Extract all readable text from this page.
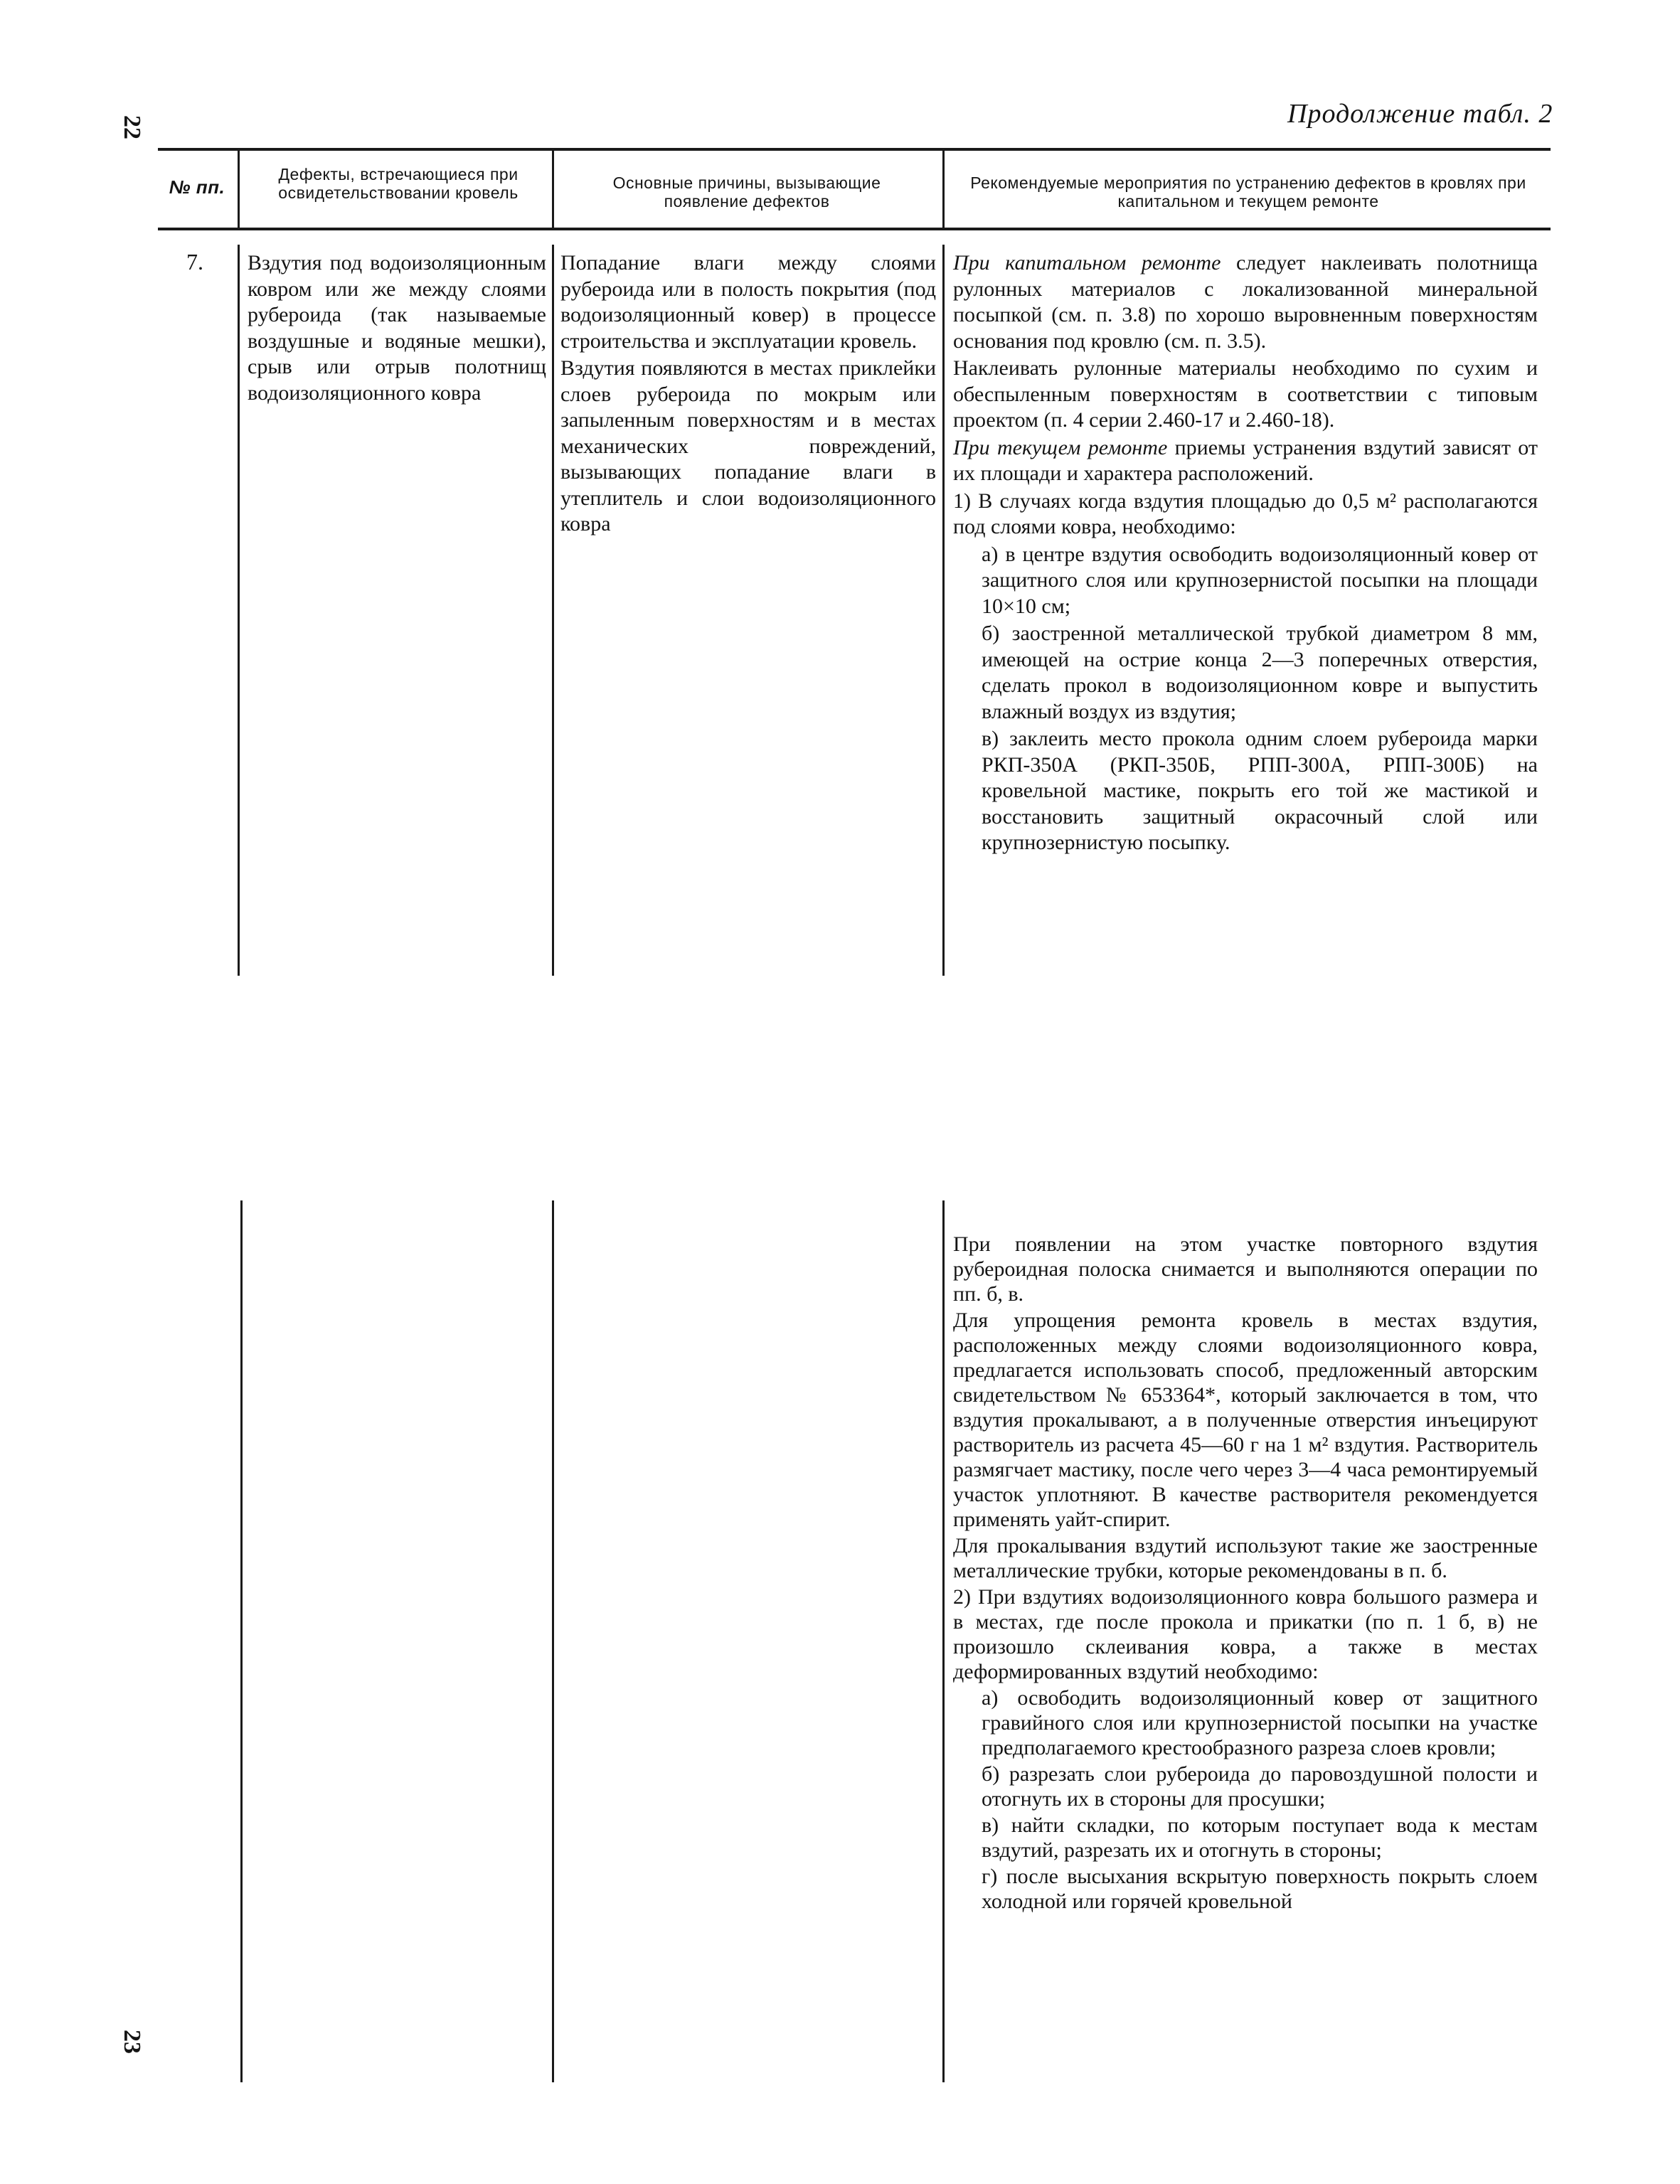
22
23
Продолжение табл. 2
№ пп.
Дефекты, встречающиеся при освидетельствовании кровель
Основные причины, вызывающие появление дефектов
Рекомендуемые мероприятия по устранению дефектов в кровлях при капитальном и текущем ремонте
7. Вздутия под водоизоляционным ковром или же между слоями рубероида (так называемые воздушные и водяные мешки), срыв или отрыв полотнищ водоизоляционного ковра

Попадание влаги между слоями рубероида или в полость покрытия (под водоизоляционный ковер) в процессе строительства и эксплуатации кровель.

Вздутия появляются в местах приклейки слоев рубероида по мокрым или запыленным поверхностям и в местах механических повреждений, вызывающих попадание влаги в утеплитель и слои водоизоляционного ковра

При капитальном ремонте следует наклеивать полотнища рулонных материалов с локализованной минеральной посыпкой (см. п. 3.8) по хорошо выровненным поверхностям основания под кровлю (см. п. 3.5).

Наклеивать рулонные материалы необходимо по сухим и обеспыленным поверхностям в соответствии с типовым проектом (п. 4 серии 2.460-17 и 2.460-18).

При текущем ремонте приемы устранения вздутий зависят от их площади и характера расположений.

1) В случаях когда вздутия площадью до 0,5 м² располагаются под слоями ковра, необходимо:

а) в центре вздутия освободить водоизоляционный ковер от защитного слоя или крупнозернистой посыпки на площади 10×10 см;

б) заостренной металлической трубкой диаметром 8 мм, имеющей на острие конца 2—3 поперечных отверстия, сделать прокол в водоизоляционном ковре и выпустить влажный воздух из вздутия;

в) заклеить место прокола одним слоем рубероида марки РКП-350А (РКП-350Б, РПП-300А, РПП-300Б) на кровельной мастике, покрыть его той же мастикой и восстановить защитный окрасочный слой или крупнозернистую посыпку.

При появлении на этом участке повторного вздутия рубероидная полоска снимается и выполняются операции по пп. б, в.

Для упрощения ремонта кровель в местах вздутия, расположенных между слоями водоизоляционного ковра, предлагается использовать способ, предложенный авторским свидетельством № 653364*, который заключается в том, что вздутия прокалывают, а в полученные отверстия инъецируют растворитель из расчета 45—60 г на 1 м² вздутия. Растворитель размягчает мастику, после чего через 3—4 часа ремонтируемый участок уплотняют. В качестве растворителя рекомендуется применять уайт-спирит.

Для прокалывания вздутий используют такие же заостренные металлические трубки, которые рекомендованы в п. б.

2) При вздутиях водоизоляционного ковра большого размера и в местах, где после прокола и прикатки (по п. 1 б, в) не произошло склеивания ковра, а также в местах деформированных вздутий необходимо:

а) освободить водоизоляционный ковер от защитного гравийного слоя или крупнозернистой посыпки на участке предполагаемого крестообразного разреза слоев кровли;

б) разрезать слои рубероида до паровоздушной полости и отогнуть их в стороны для просушки;

в) найти складки, по которым поступает вода к местам вздутий, разрезать их и отогнуть в стороны;

г) после высыхания вскрытую поверхность покрыть слоем холодной или горячей кровельной
